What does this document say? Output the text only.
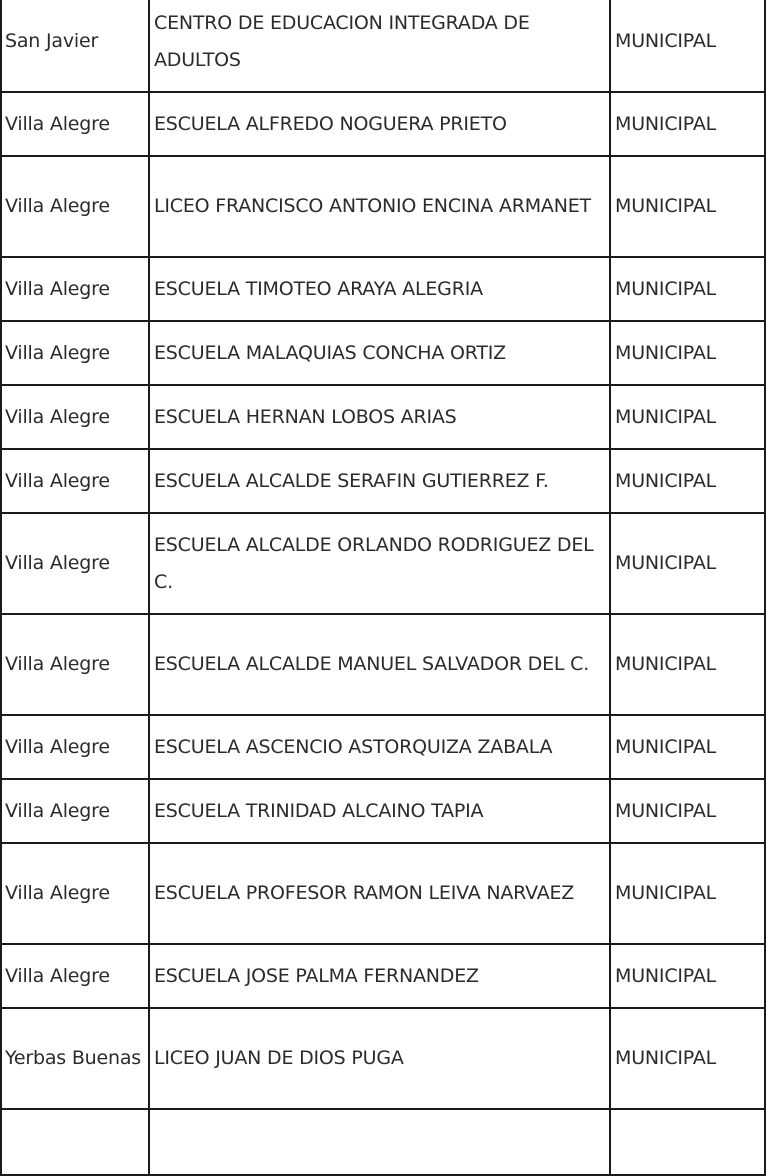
San Javier	CENTRO DE EDUCACION INTEGRADA DE ADULTOS	MUNICIPAL
Villa Alegre	ESCUELA ALFREDO NOGUERA PRIETO	MUNICIPAL
Villa Alegre	LICEO FRANCISCO ANTONIO ENCINA ARMANET	MUNICIPAL
Villa Alegre	ESCUELA TIMOTEO ARAYA ALEGRIA	MUNICIPAL
Villa Alegre	ESCUELA MALAQUIAS CONCHA ORTIZ	MUNICIPAL
Villa Alegre	ESCUELA HERNAN LOBOS ARIAS	MUNICIPAL
Villa Alegre	ESCUELA ALCALDE SERAFIN GUTIERREZ F.	MUNICIPAL
Villa Alegre	ESCUELA ALCALDE ORLANDO RODRIGUEZ DEL C.	MUNICIPAL
Villa Alegre	ESCUELA ALCALDE MANUEL SALVADOR DEL C.	MUNICIPAL
Villa Alegre	ESCUELA ASCENCIO ASTORQUIZA ZABALA	MUNICIPAL
Villa Alegre	ESCUELA TRINIDAD ALCAINO TAPIA	MUNICIPAL
Villa Alegre	ESCUELA PROFESOR RAMON LEIVA NARVAEZ	MUNICIPAL
Villa Alegre	ESCUELA JOSE PALMA FERNANDEZ	MUNICIPAL
Yerbas Buenas	LICEO JUAN DE DIOS PUGA	MUNICIPAL
